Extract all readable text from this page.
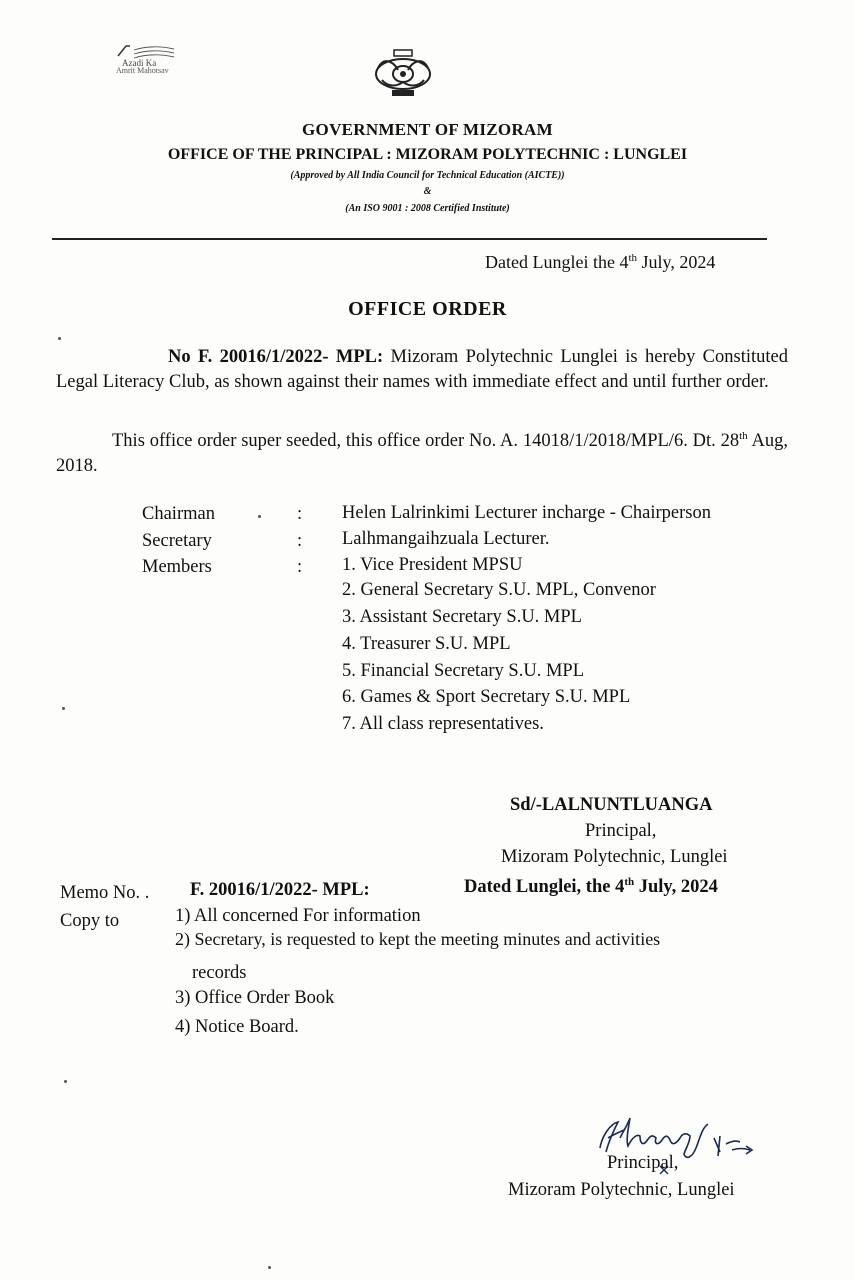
Azadi Ka
Amrit Mahotsav
GOVERNMENT OF MIZORAM
OFFICE OF THE PRINCIPAL : MIZORAM POLYTECHNIC : LUNGLEI
(Approved by All India Council for Technical Education (AICTE))
&
(An ISO 9001 : 2008 Certified Institute)
Dated Lunglei the 4th July, 2024
OFFICE ORDER
No F. 20016/1/2022- MPL: Mizoram Polytechnic Lunglei is hereby Constituted Legal Literacy Club, as shown against their names with immediate effect and until further order.
This office order super seeded, this office order No. A. 14018/1/2018/MPL/6. Dt. 28th Aug, 2018.
Chairman	: Helen Lalrinkimi Lecturer incharge - Chairperson
Secretary	: Lalhmangaihzuala Lecturer.
Members	: 1. Vice President MPSU
2. General Secretary S.U. MPL, Convenor
3. Assistant Secretary S.U. MPL
4. Treasurer S.U. MPL
5. Financial Secretary S.U. MPL
6. Games & Sport Secretary S.U. MPL
7. All class representatives.
Sd/-LALNUNTLUANGA
Principal,
Mizoram Polytechnic, Lunglei
Memo No. . F. 20016/1/2022- MPL:	Dated Lunglei, the 4th July, 2024
Copy to	1) All concerned For information
2) Secretary, is requested to kept the meeting minutes and activities
records
3) Office Order Book
4) Notice Board.
Principal,
Mizoram Polytechnic, Lunglei
